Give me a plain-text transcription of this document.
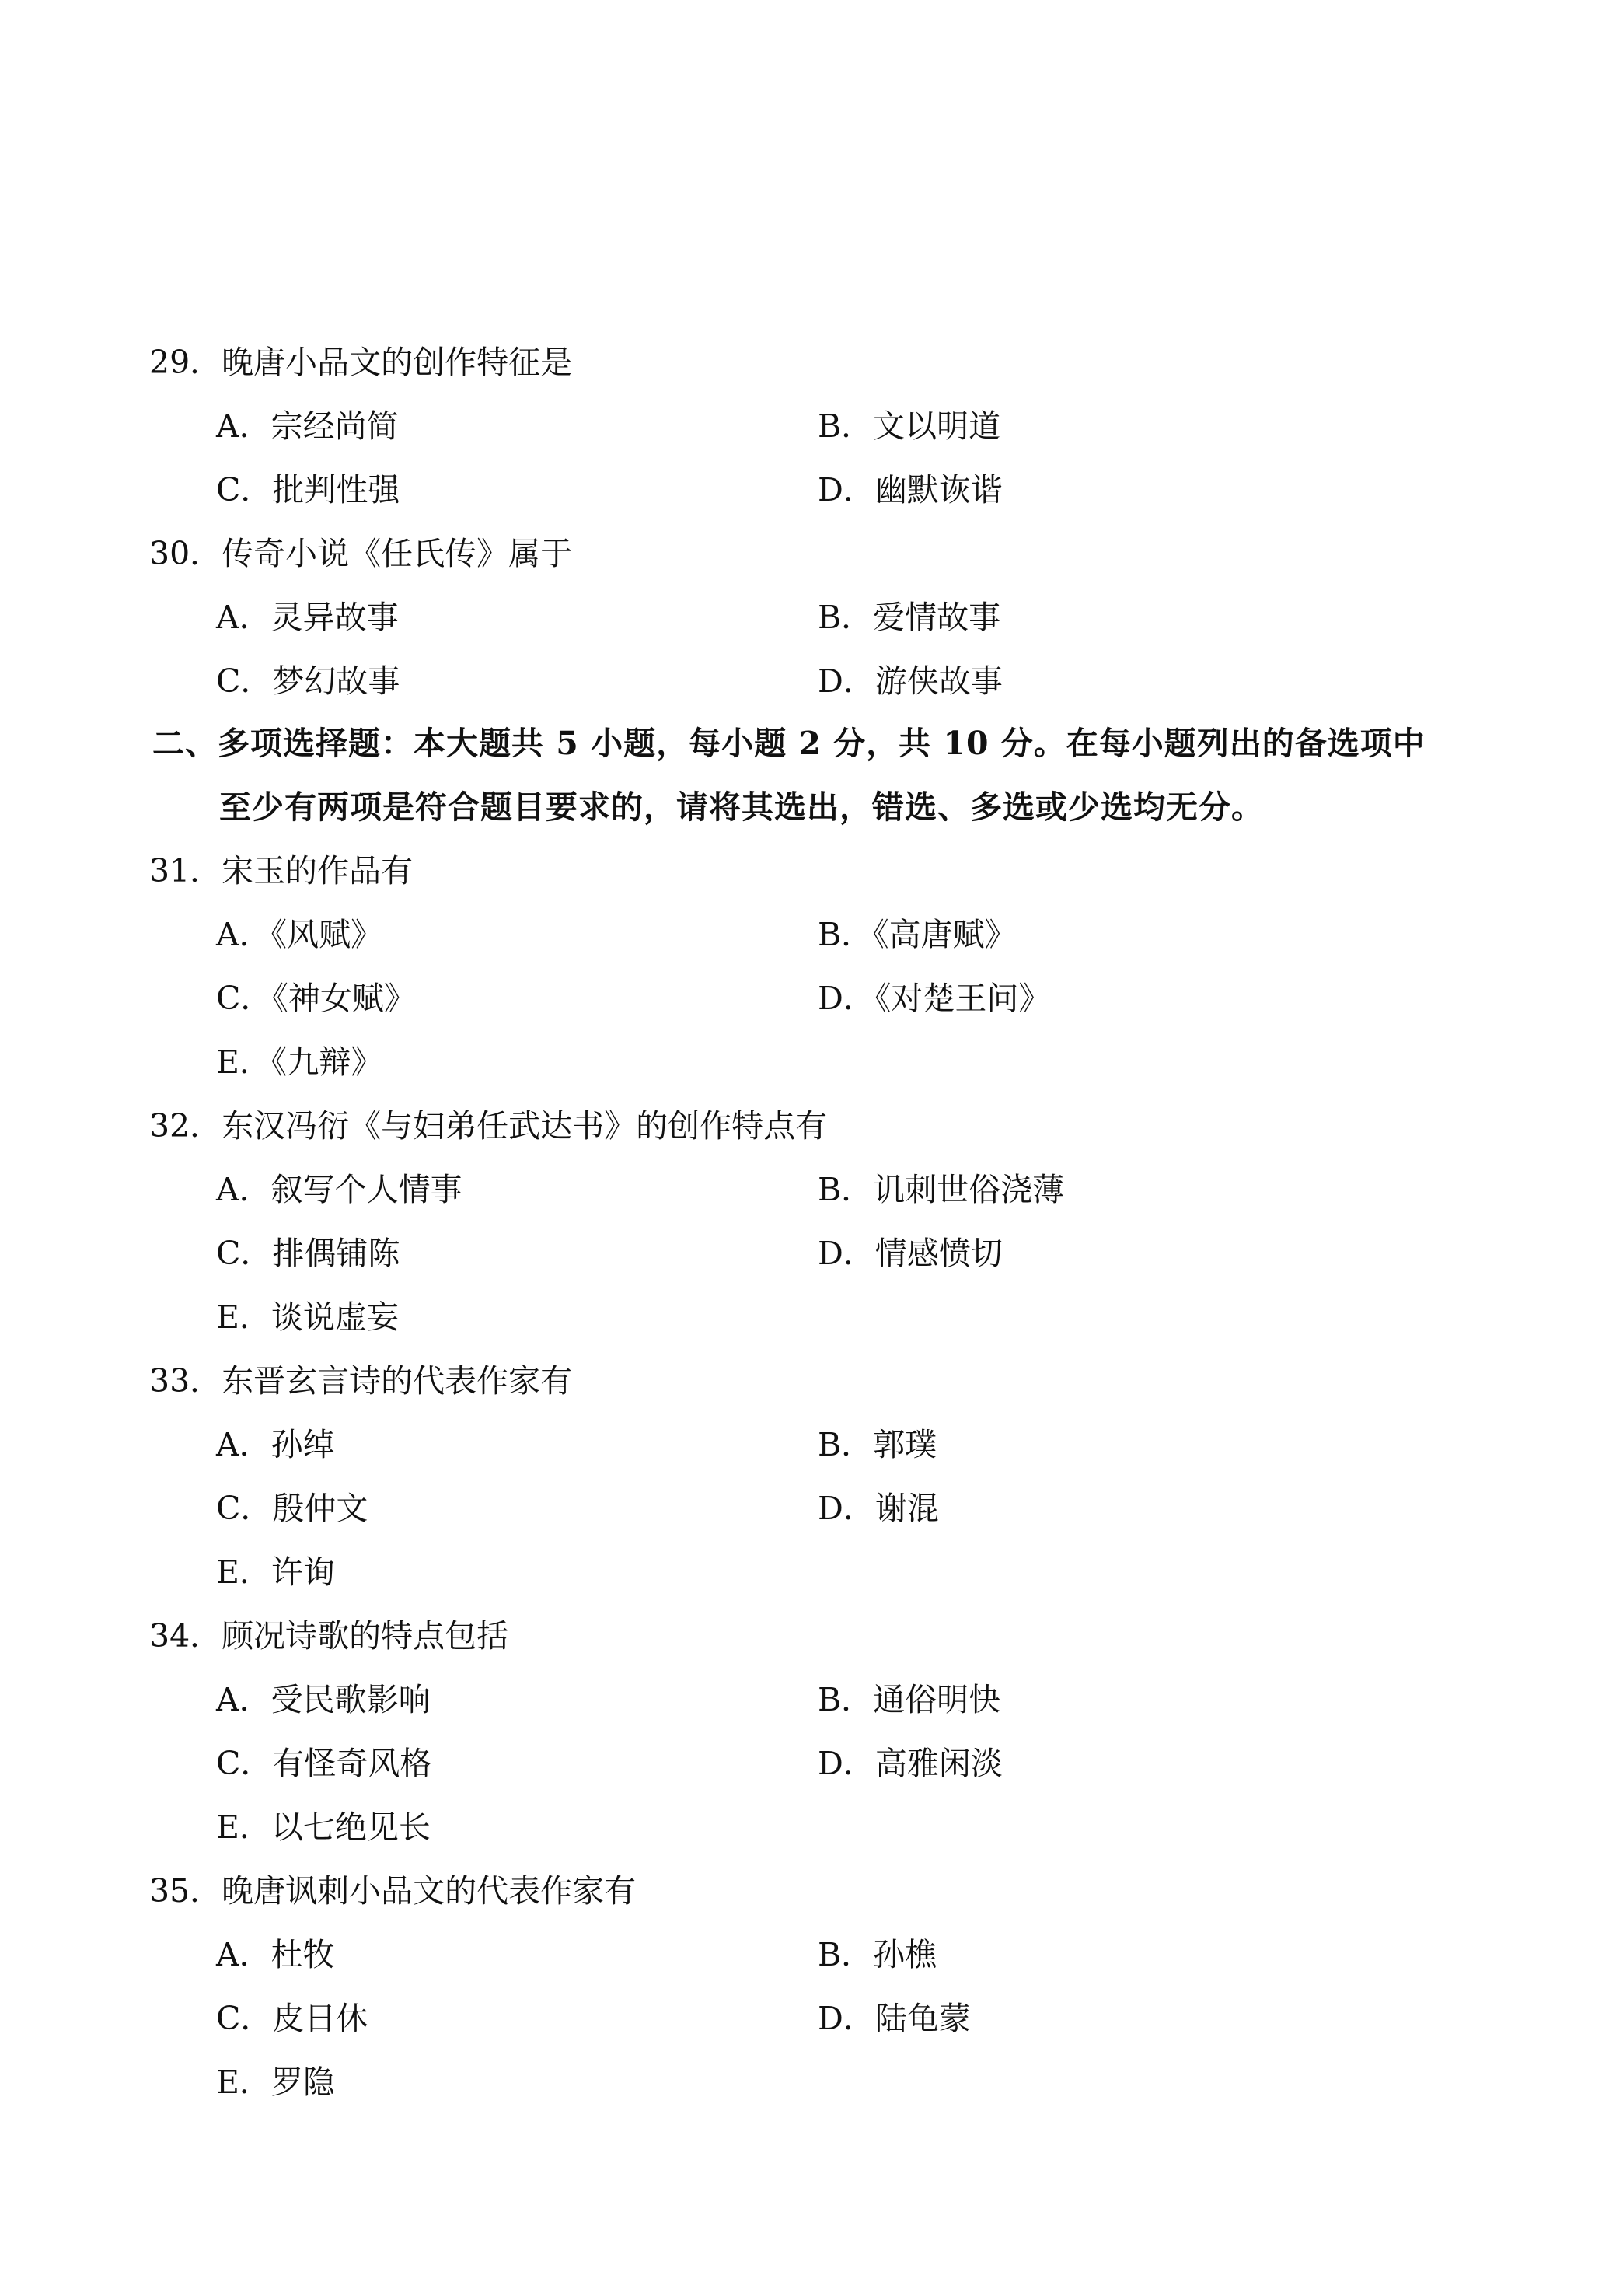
29．晚唐小品文的创作特征是
A．宗经尚简	B．文以明道
C．批判性强	D．幽默诙谐
30．传奇小说《任氏传》属于
A．灵异故事	B．爱情故事
C．梦幻故事	D．游侠故事
二、多项选择题：本大题共 5 小题，每小题 2 分，共 10 分。在每小题列出的备选项中
至少有两项是符合题目要求的，请将其选出，错选、多选或少选均无分。
31．宋玉的作品有
A．《风赋》	B．《高唐赋》
C．《神女赋》	D．《对楚王问》
E．《九辩》
32．东汉冯衍《与妇弟任武达书》的创作特点有
A．叙写个人情事	B．讥刺世俗浇薄
C．排偶铺陈	D．情感愤切
E．谈说虚妄
33．东晋玄言诗的代表作家有
A．孙绰	B．郭璞
C．殷仲文	D．谢混
E．许询
34．顾况诗歌的特点包括
A．受民歌影响	B．通俗明快
C．有怪奇风格	D．高雅闲淡
E．以七绝见长
35．晚唐讽刺小品文的代表作家有
A．杜牧	B．孙樵
C．皮日休	D．陆龟蒙
E．罗隐
